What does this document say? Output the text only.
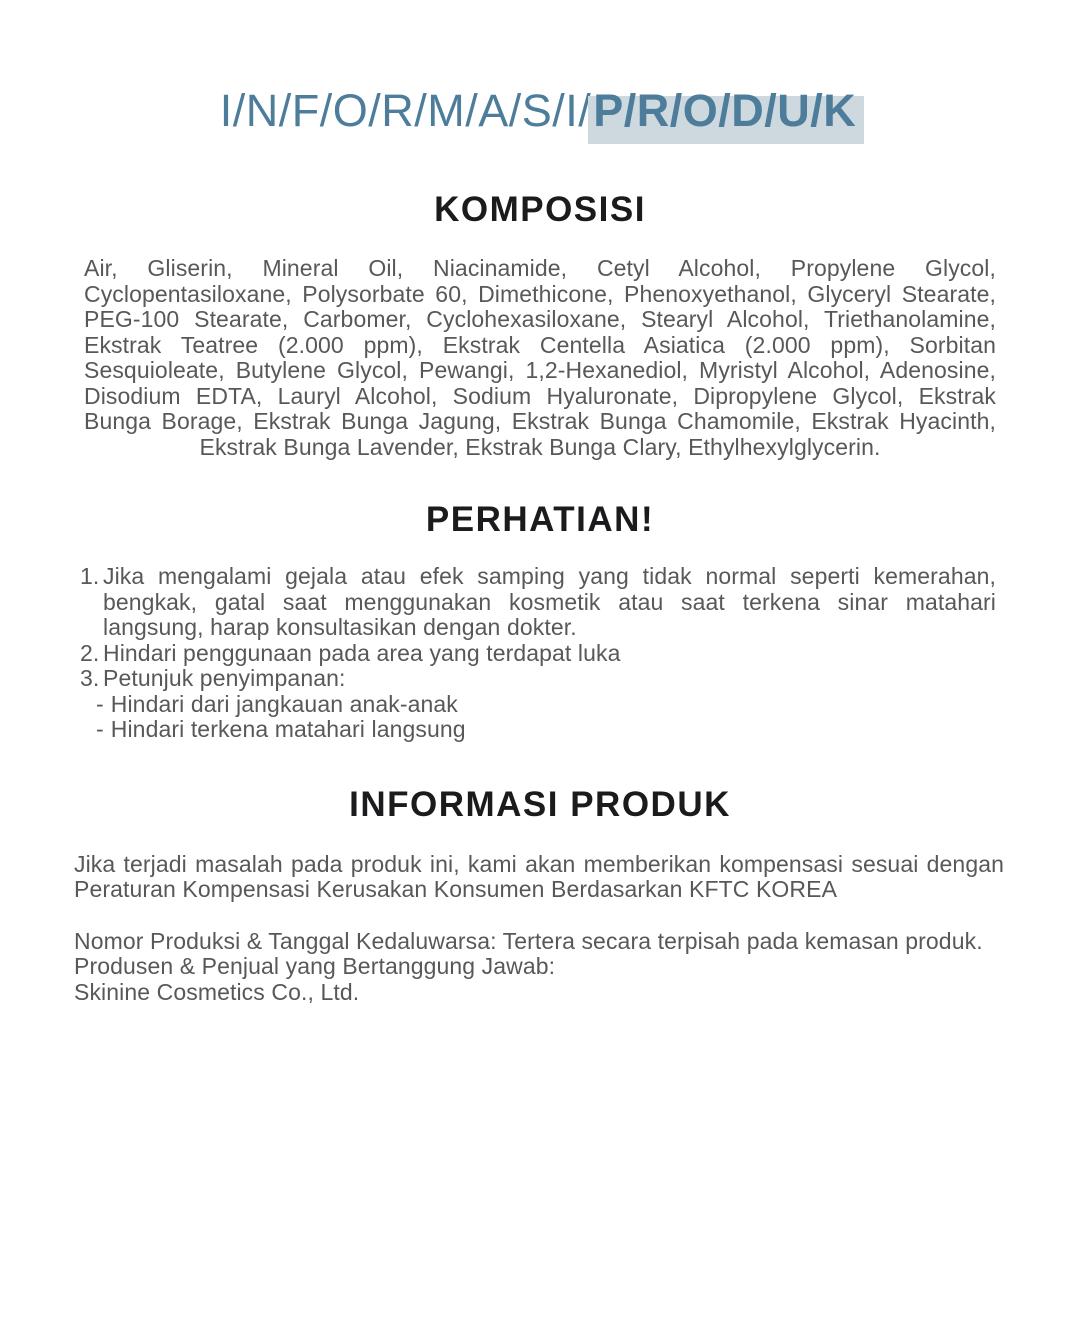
I/N/F/O/R/M/A/S/I/P/R/O/D/U/K
KOMPOSISI

Air, Gliserin, Mineral Oil, Niacinamide, Cetyl Alcohol, Propylene Glycol, Cyclopentasiloxane, Polysorbate 60, Dimethicone, Phenoxyethanol, Glyceryl Stearate, PEG-100 Stearate, Carbomer, Cyclohexasiloxane, Stearyl Alcohol, Triethanolamine, Ekstrak Teatree (2.000 ppm), Ekstrak Centella Asiatica (2.000 ppm), Sorbitan Sesquioleate, Butylene Glycol, Pewangi, 1,2-Hexanediol, Myristyl Alcohol, Adenosine, Disodium EDTA, Lauryl Alcohol, Sodium Hyaluronate, Dipropylene Glycol, Ekstrak Bunga Borage, Ekstrak Bunga Jagung, Ekstrak Bunga Chamomile, Ekstrak Hyacinth, Ekstrak Bunga Lavender, Ekstrak Bunga Clary, Ethylhexylglycerin.

PERHATIAN!
1. Jika mengalami gejala atau efek samping yang tidak normal seperti kemerahan, bengkak, gatal saat menggunakan kosmetik atau saat terkena sinar matahari langsung, harap konsultasikan dengan dokter.
2. Hindari penggunaan pada area yang terdapat luka
3. Petunjuk penyimpanan:
- Hindari dari jangkauan anak-anak
- Hindari terkena matahari langsung
INFORMASI PRODUK

Jika terjadi masalah pada produk ini, kami akan memberikan kompensasi sesuai dengan Peraturan Kompensasi Kerusakan Konsumen Berdasarkan KFTC KOREA

Nomor Produksi & Tanggal Kedaluwarsa: Tertera secara terpisah pada kemasan produk.

Produsen & Penjual yang Bertanggung Jawab:

Skinine Cosmetics Co., Ltd.
